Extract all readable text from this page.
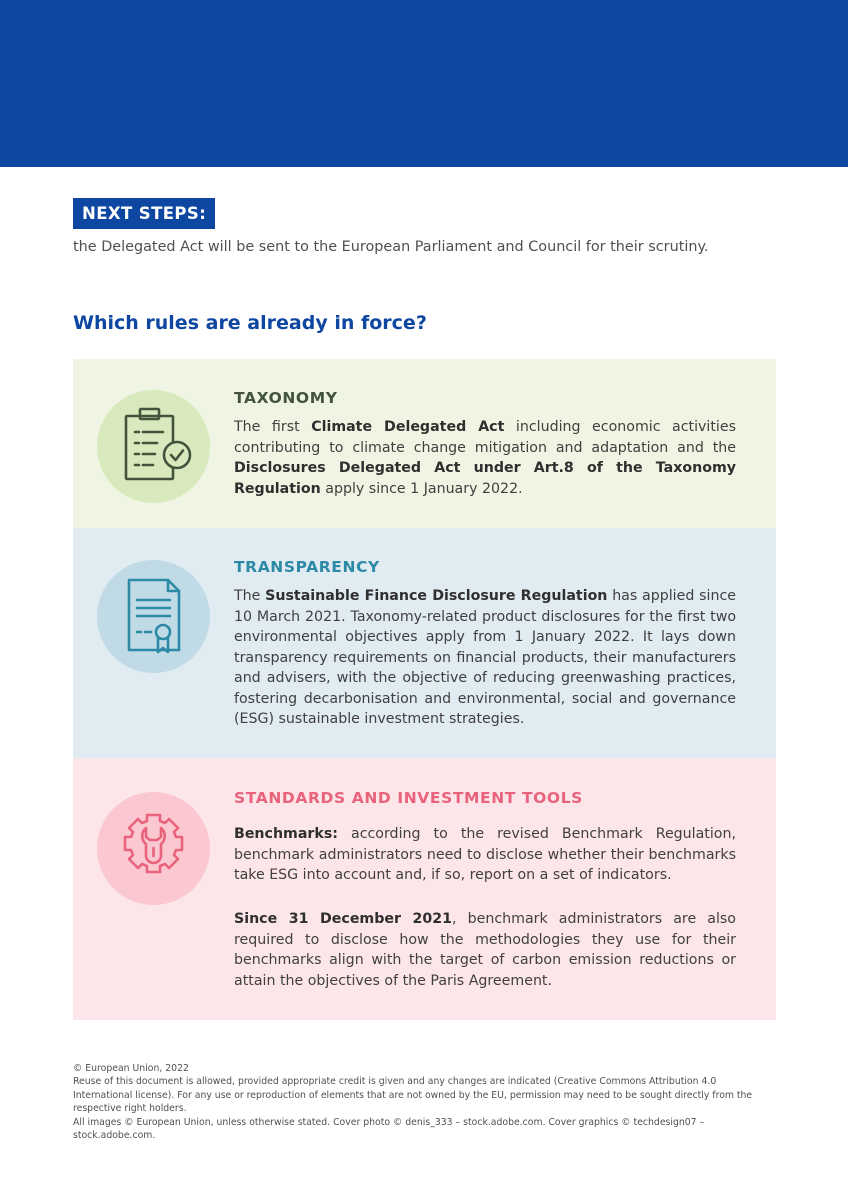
NEXT STEPS:
the Delegated Act will be sent to the European Parliament and Council for their scrutiny.
Which rules are already in force?
TAXONOMY
The first Climate Delegated Act including economic activities contributing to climate change mitigation and adaptation and the Disclosures Delegated Act under Art.8 of the Taxonomy Regulation apply since 1 January 2022.
TRANSPARENCY
The Sustainable Finance Disclosure Regulation has applied since 10 March 2021. Taxonomy-related product disclosures for the first two environmental objectives apply from 1 January 2022. It lays down transparency requirements on financial products, their manufacturers and advisers, with the objective of reducing greenwashing practices, fostering decarbonisation and environmental, social and governance (ESG) sustainable investment strategies.
STANDARDS AND INVESTMENT TOOLS
Benchmarks: according to the revised Benchmark Regulation, benchmark administrators need to disclose whether their benchmarks take ESG into account and, if so, report on a set of indicators.
Since 31 December 2021, benchmark administrators are also required to disclose how the methodologies they use for their benchmarks align with the target of carbon emission reductions or attain the objectives of the Paris Agreement.
© European Union, 2022
Reuse of this document is allowed, provided appropriate credit is given and any changes are indicated (Creative Commons Attribution 4.0 International license). For any use or reproduction of elements that are not owned by the EU, permission may need to be sought directly from the respective right holders.
All images © European Union, unless otherwise stated. Cover photo © denis_333 – stock.adobe.com. Cover graphics © techdesign07 – stock.adobe.com.
